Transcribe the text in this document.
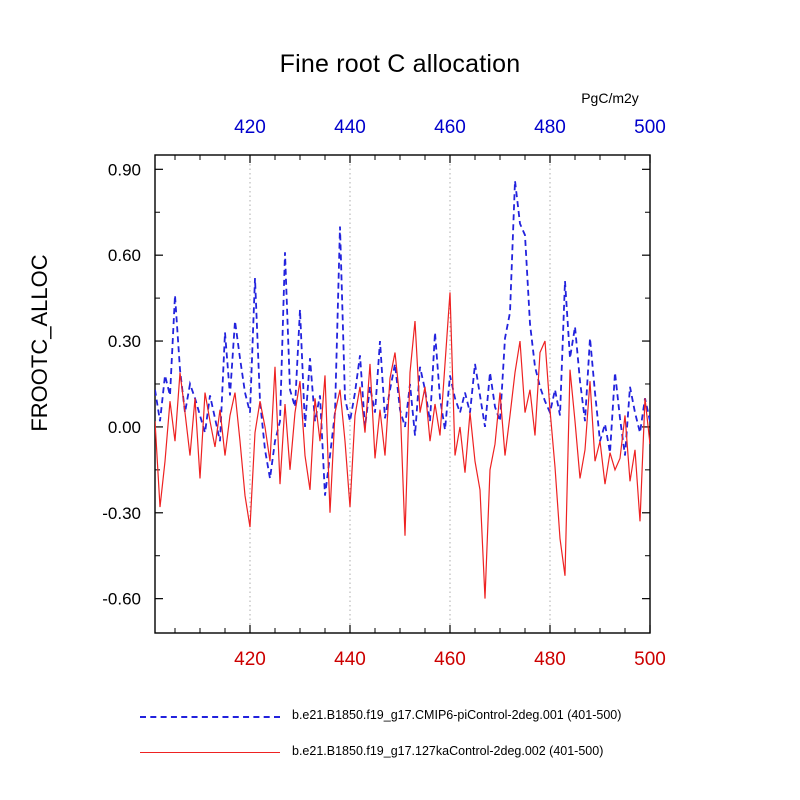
Fine root C allocation
PgC/m2y
FROOTC_ALLOC
-0.60
-0.30
0.00
0.30
0.60
0.90
420	440	460	480	500
420	440	460	480	500
b.e21.B1850.f19_g17.CMIP6-piControl-2deg.001 (401-500)
b.e21.B1850.f19_g17.127kaControl-2deg.002 (401-500)
